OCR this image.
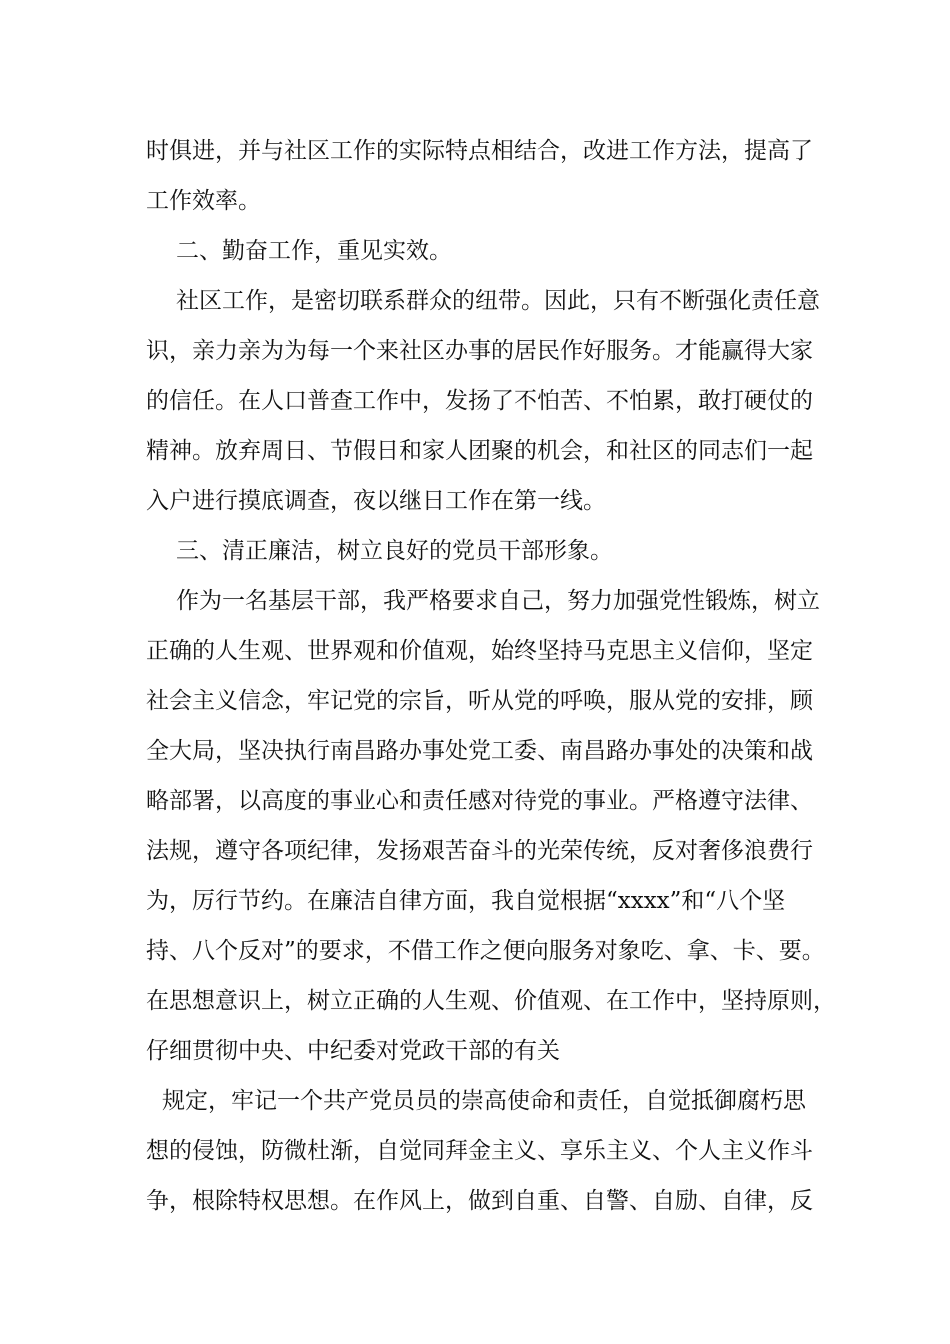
时俱进，并与社区工作的实际特点相结合，改进工作方法，提高了
工作效率。
二、勤奋工作，重见实效。
社区工作，是密切联系群众的纽带。因此，只有不断强化责任意
识，亲力亲为为每一个来社区办事的居民作好服务。才能赢得大家
的信任。在人口普查工作中，发扬了不怕苦、不怕累，敢打硬仗的
精神。放弃周日、节假日和家人团聚的机会，和社区的同志们一起
入户进行摸底调查，夜以继日工作在第一线。
三、清正廉洁，树立良好的党员干部形象。
作为一名基层干部，我严格要求自己，努力加强党性锻炼，树立
正确的人生观、世界观和价值观，始终坚持马克思主义信仰，坚定
社会主义信念，牢记党的宗旨，听从党的呼唤，服从党的安排，顾
全大局，坚决执行南昌路办事处党工委、南昌路办事处的决策和战
略部署，以高度的事业心和责任感对待党的事业。严格遵守法律、
法规，遵守各项纪律，发扬艰苦奋斗的光荣传统，反对奢侈浪费行
为，厉行节约。在廉洁自律方面，我自觉根据“xxxx”和“八个坚
持、八个反对”的要求，不借工作之便向服务对象吃、拿、卡、要。
在思想意识上，树立正确的人生观、价值观、在工作中，坚持原则，
仔细贯彻中央、中纪委对党政干部的有关
规定，牢记一个共产党员员的崇高使命和责任，自觉抵御腐朽思
想的侵蚀，防微杜渐，自觉同拜金主义、享乐主义、个人主义作斗
争，根除特权思想。在作风上，做到自重、自警、自励、自律，反
